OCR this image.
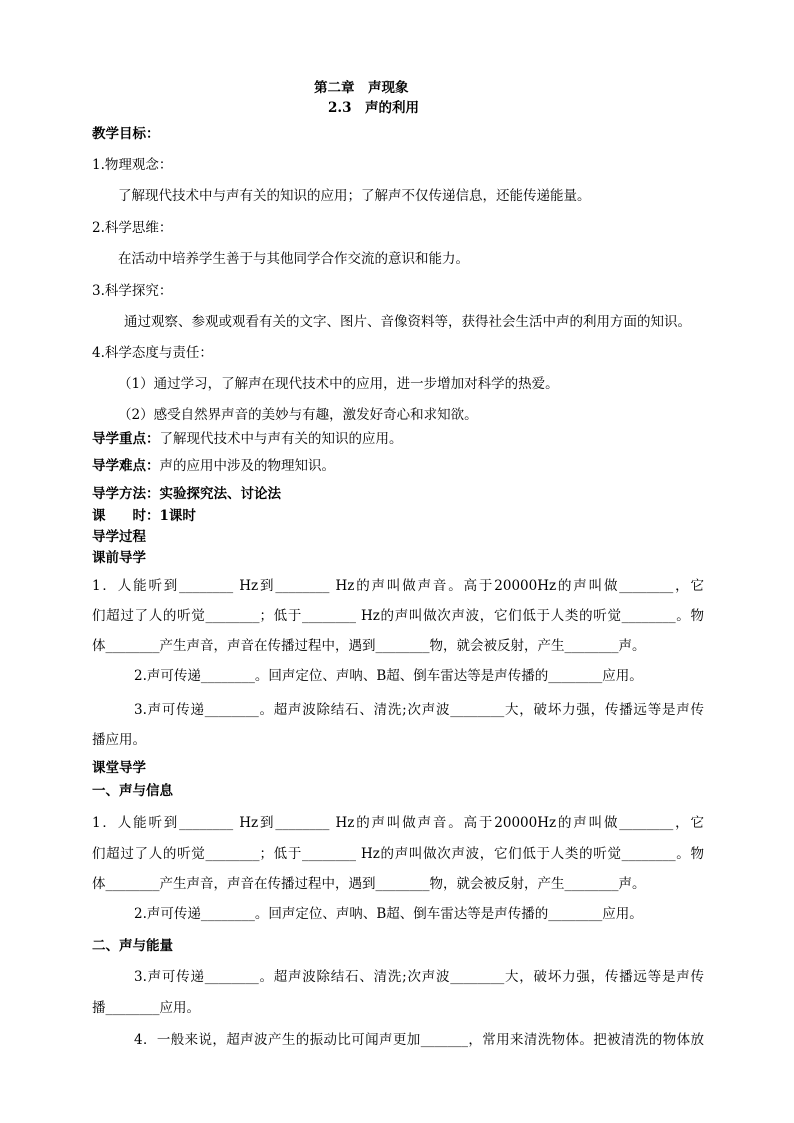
第二章　声现象
2.3　声的利用
教学目标：
1.物理观念：
了解现代技术中与声有关的知识的应用；了解声不仅传递信息，还能传递能量。
2.科学思维：
在活动中培养学生善于与其他同学合作交流的意识和能力。
3.科学探究：
通过观察、参观或观看有关的文字、图片、音像资料等，获得社会生活中声的利用方面的知识。
4.科学态度与责任：
（1）通过学习，了解声在现代技术中的应用，进一步增加对科学的热爱。
（2）感受自然界声音的美妙与有趣，激发好奇心和求知欲。
导学重点：了解现代技术中与声有关的知识的应用。
导学难点：声的应用中涉及的物理知识。
导学方法：实验探究法、讨论法
课　　时：1课时
导学过程
课前导学
1．人能听到________ Hz到________ Hz的声叫做声音。高于20000Hz的声叫做________，它
们超过了人的听觉________；低于________ Hz的声叫做次声波，它们低于人类的听觉________。物
体________产生声音，声音在传播过程中，遇到________物，就会被反射，产生________声。
2.声可传递________。回声定位、声呐、B超、倒车雷达等是声传播的________应用。
3.声可传递________。超声波除结石、清洗;次声波________大，破坏力强，传播远等是声传
播应用。
课堂导学
一、声与信息
1．人能听到________ Hz到________ Hz的声叫做声音。高于20000Hz的声叫做________，它
们超过了人的听觉________；低于________ Hz的声叫做次声波，它们低于人类的听觉________。物
体________产生声音，声音在传播过程中，遇到________物，就会被反射，产生________声。
2.声可传递________。回声定位、声呐、B超、倒车雷达等是声传播的________应用。
二、声与能量
3.声可传递________。超声波除结石、清洗;次声波________大，破坏力强，传播远等是声传
播________应用。
4．一般来说，超声波产生的振动比可闻声更加_______，常用来清洗物体。把被清洗的物体放
